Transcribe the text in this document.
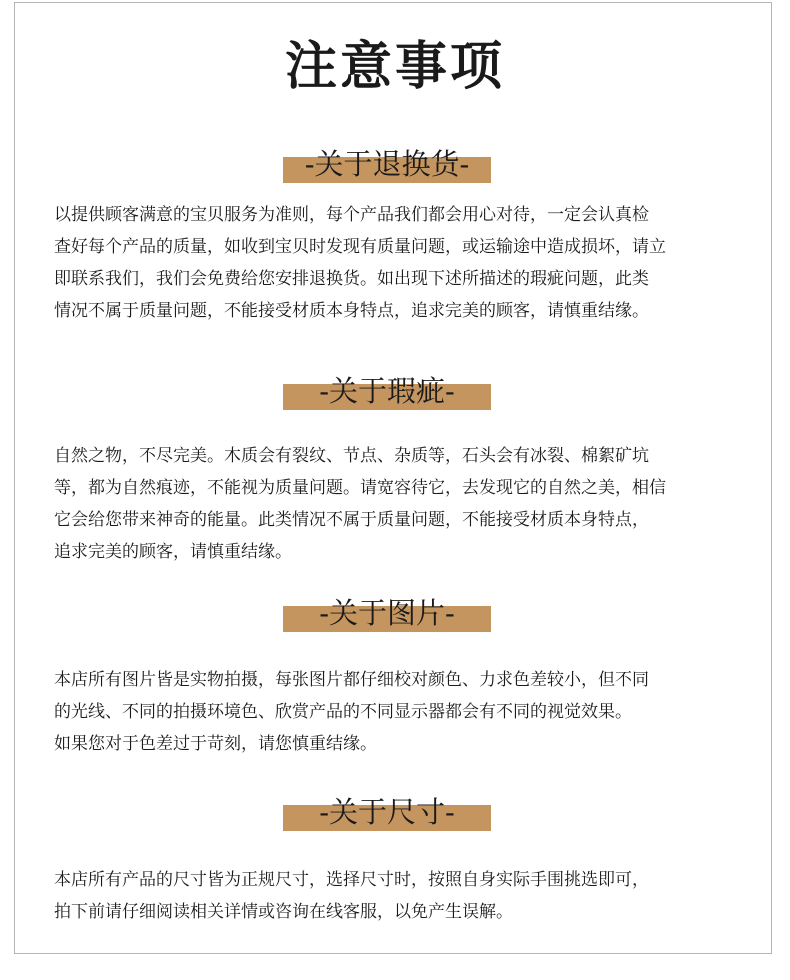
注意事项
-关于退换货-
以提供顾客满意的宝贝服务为准则，每个产品我们都会用心对待，一定会认真检
查好每个产品的质量，如收到宝贝时发现有质量问题，或运输途中造成损坏，请立
即联系我们，我们会免费给您安排退换货。如出现下述所描述的瑕疵问题，此类
情况不属于质量问题，不能接受材质本身特点，追求完美的顾客，请慎重结缘。
-关于瑕疵-
自然之物，不尽完美。木质会有裂纹、节点、杂质等，石头会有冰裂、棉絮矿坑
等，都为自然痕迹，不能视为质量问题。请宽容待它，去发现它的自然之美，相信
它会给您带来神奇的能量。此类情况不属于质量问题，不能接受材质本身特点，
追求完美的顾客，请慎重结缘。
-关于图片-
本店所有图片皆是实物拍摄，每张图片都仔细校对颜色、力求色差较小，但不同
的光线、不同的拍摄环境色、欣赏产品的不同显示器都会有不同的视觉效果。
如果您对于色差过于苛刻，请您慎重结缘。
-关于尺寸-
本店所有产品的尺寸皆为正规尺寸，选择尺寸时，按照自身实际手围挑选即可，
拍下前请仔细阅读相关详情或咨询在线客服，以免产生误解。
